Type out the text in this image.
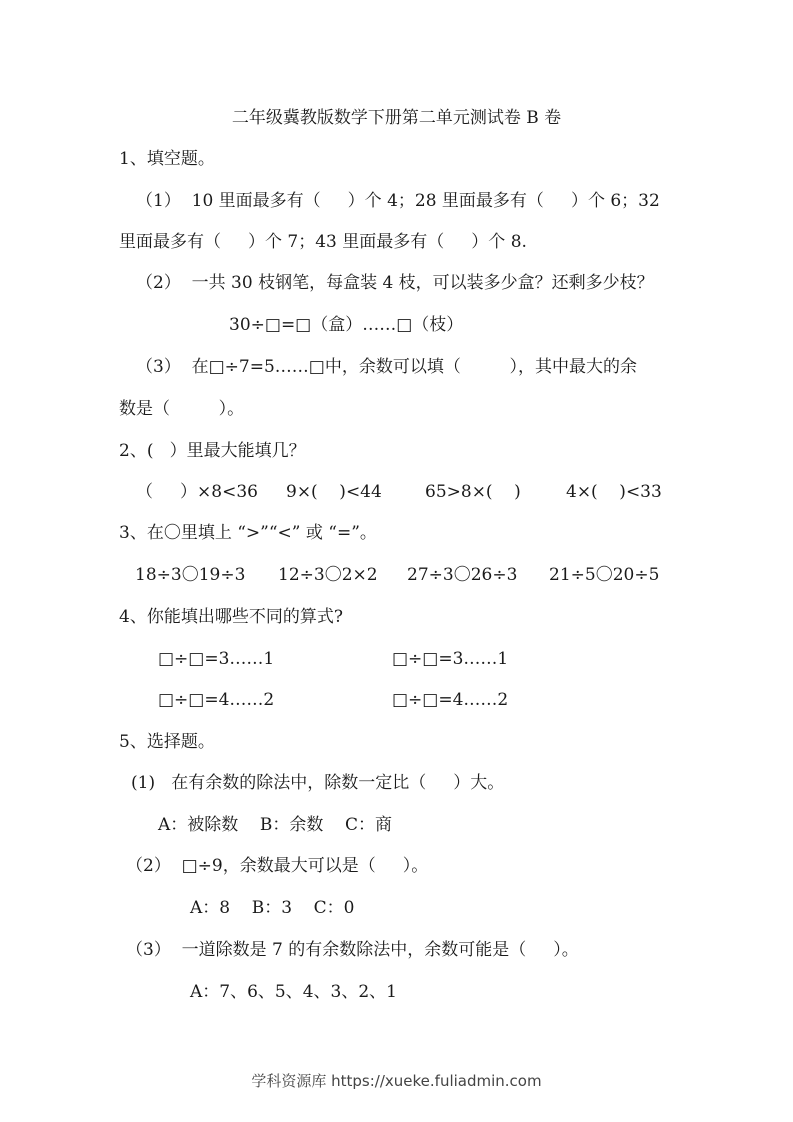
二年级冀教版数学下册第二单元测试卷 B 卷
1、填空题。
（1）  10 里面最多有（     ）个 4；28 里面最多有（     ）个 6；32
里面最多有（     ）个 7；43 里面最多有（     ）个 8.
（2）  一共 30 枝钢笔，每盒装 4 枝，可以装多少盒？还剩多少枝？
30÷□=□（盒）……□（枝）
（3）  在□÷7=5……□中，余数可以填（         ），其中最大的余
数是（         ）。
2、(   ）里最大能填几？
（     ）×8<36 9×(    )<44	65>8×(    )	4×(    )<33
3、在〇里填上 “>”“<” 或 “=”。
18÷3〇19÷3 12÷3〇2×2 27÷3〇26÷3 21÷5〇20÷5
4、你能填出哪些不同的算式?
□÷□=3……1	□÷□=3……1
□÷□=4……2	□÷□=4……2
5、选择题。
(1)   在有余数的除法中，除数一定比（     ）大。
A：被除数    B：余数    C：商
（2）  □÷9，余数最大可以是（     ）。
A：8    B：3    C：0
（3）  一道除数是 7 的有余数除法中，余数可能是（     ）。
A：7、6、5、4、3、2、1
学科资源库 https://xueke.fuliadmin.com
